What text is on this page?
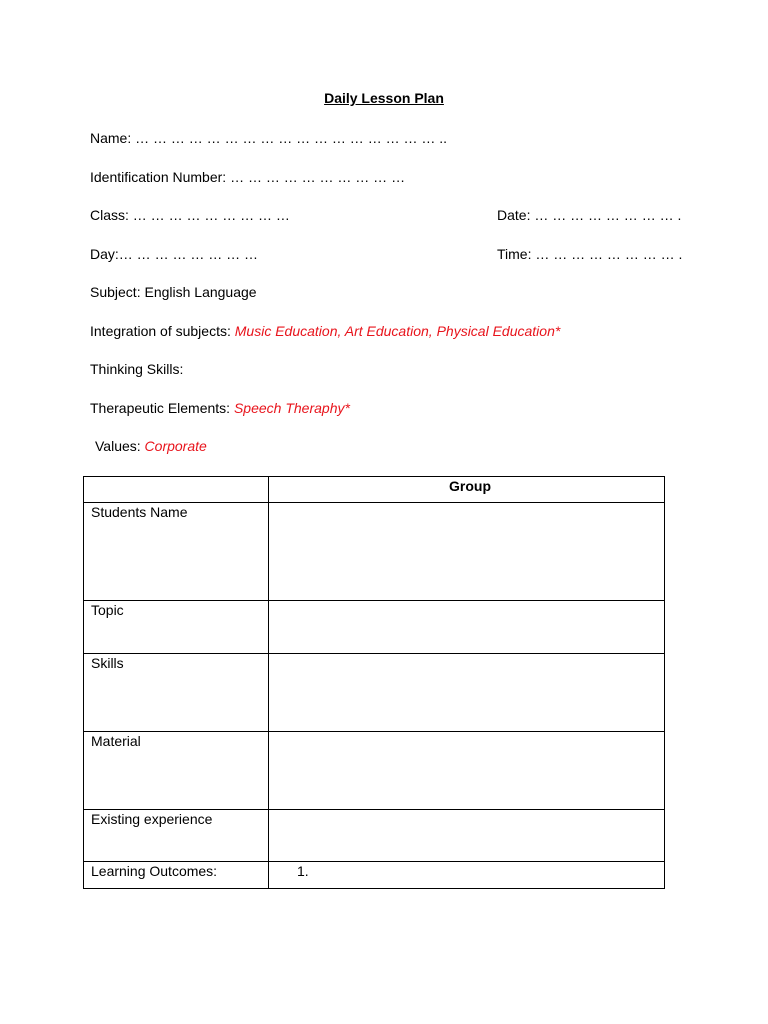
Daily Lesson Plan
Name: … … … … … … … … … … … … … … … … … ..
Identification Number: … … … … … … … … … …
Class: … … … … … … … … …	Date: … … … … … … … … .
Day:… … … … … … … …	Time: … … … … … … … … .
Subject: English Language
Integration of subjects: Music Education, Art Education, Physical Education*
Thinking Skills:
Therapeutic Elements: Speech Theraphy*
Values: Corporate
	Group
Students Name	
Topic	
Skills	
Material	
Existing experience	
Learning Outcomes:	1.
